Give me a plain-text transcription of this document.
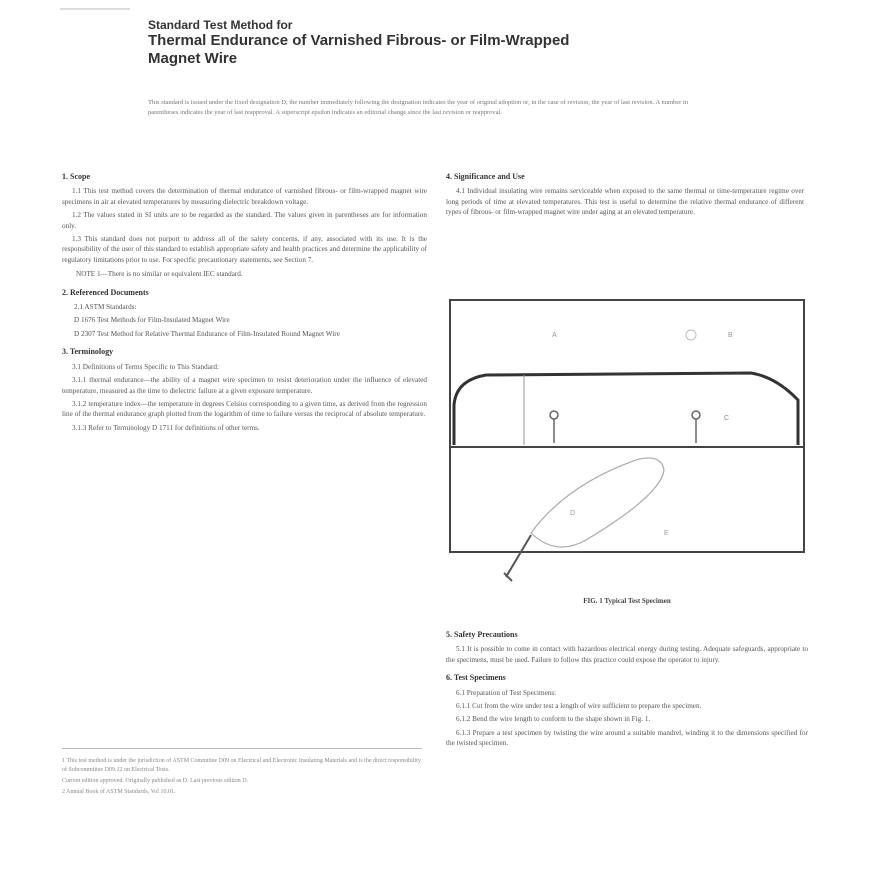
Standard Test Method for
Thermal Endurance of Varnished Fibrous- or Film-Wrapped
Magnet Wire
This standard is issued under the fixed designation D; the number immediately following the designation indicates the year of original adoption or, in the case of revision, the year of last revision. A number in parentheses indicates the year of last reapproval. A superscript epsilon indicates an editorial change since the last revision or reapproval.
1. Scope
1.1 This test method covers the determination of thermal endurance of varnished fibrous- or film-wrapped magnet wire specimens in air at elevated temperatures by measuring dielectric breakdown voltage.
1.2 The values stated in SI units are to be regarded as the standard. The values given in parentheses are for information only.
1.3 This standard does not purport to address all of the safety concerns, if any, associated with its use. It is the responsibility of the user of this standard to establish appropriate safety and health practices and determine the applicability of regulatory limitations prior to use. For specific precautionary statements, see Section 7.
NOTE 1—There is no similar or equivalent IEC standard.
2. Referenced Documents
2.1 ASTM Standards:
D 1676 Test Methods for Film-Insulated Magnet Wire
D 2307 Test Method for Relative Thermal Endurance of Film-Insulated Round Magnet Wire
3. Terminology
3.1 Definitions of Terms Specific to This Standard:
3.1.1 thermal endurance—the ability of a magnet wire specimen to resist deterioration under the influence of elevated temperature, measured as the time to dielectric failure at a given exposure temperature.
3.1.2 temperature index—the temperature in degrees Celsius corresponding to a given time, as derived from the regression line of the thermal endurance graph plotted from the logarithm of time to failure versus the reciprocal of absolute temperature.
3.1.3 Refer to Terminology D 1711 for definitions of other terms.
1 This test method is under the jurisdiction of ASTM Committee D09 on Electrical and Electronic Insulating Materials and is the direct responsibility of Subcommittee D09.12 on Electrical Tests.
Current edition approved. Originally published as D. Last previous edition D.
2 Annual Book of ASTM Standards, Vol 10.01.
4. Significance and Use
4.1 Individual insulating wire remains serviceable when exposed to the same thermal or time-temperature regime over long periods of time at elevated temperatures. This test is useful to determine the relative thermal endurance of different types of fibrous- or film-wrapped magnet wire under aging at an elevated temperature.
A	B
C
D
E
FIG. 1 Typical Test Specimen
5. Safety Precautions
5.1 It is possible to come in contact with hazardous electrical energy during testing. Adequate safeguards, appropriate to the specimens, must be used. Failure to follow this practice could expose the operator to injury.
6. Test Specimens
6.1 Preparation of Test Specimens:
6.1.1 Cut from the wire under test a length of wire sufficient to prepare the specimen.
6.1.2 Bend the wire length to conform to the shape shown in Fig. 1.
6.1.3 Prepare a test specimen by twisting the wire around a suitable mandrel, winding it to the dimensions specified for the twisted specimen.
